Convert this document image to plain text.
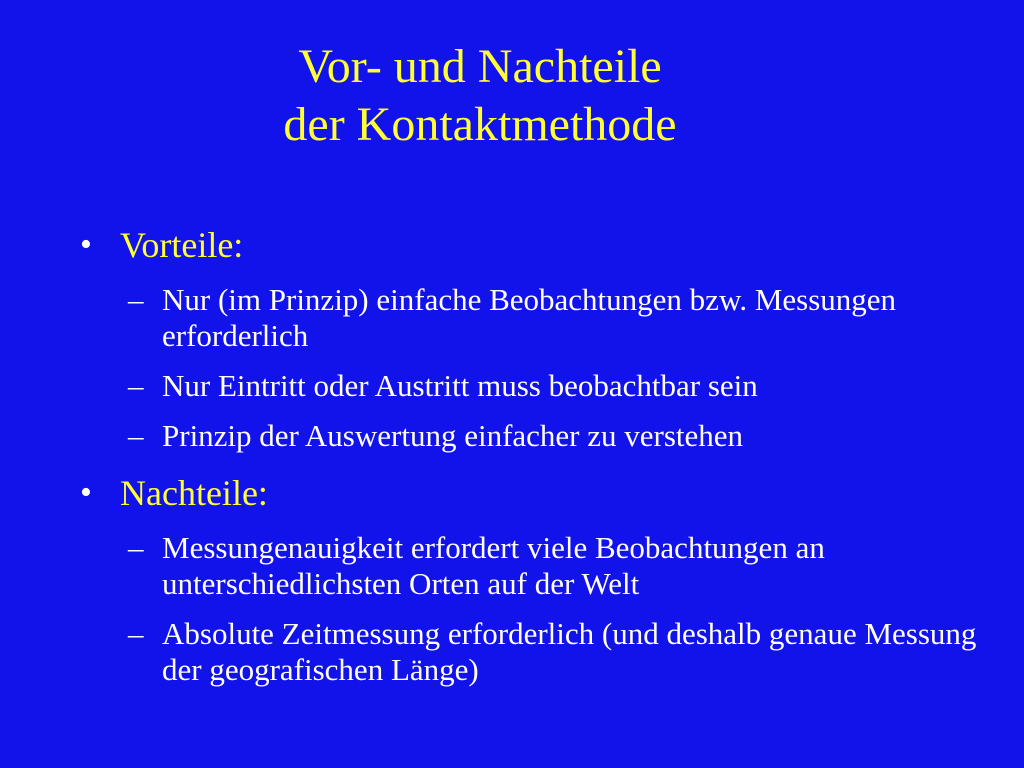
Vor- und Nachteile
der Kontaktmethode
• Vorteile:
– Nur (im Prinzip) einfache Beobachtungen bzw. Messungen erforderlich
– Nur Eintritt oder Austritt muss beobachtbar sein
– Prinzip der Auswertung einfacher zu verstehen
• Nachteile:
– Messungenauigkeit erfordert viele Beobachtungen an unterschiedlichsten Orten auf der Welt
– Absolute Zeitmessung erforderlich (und deshalb genaue Messung der geografischen Länge)
